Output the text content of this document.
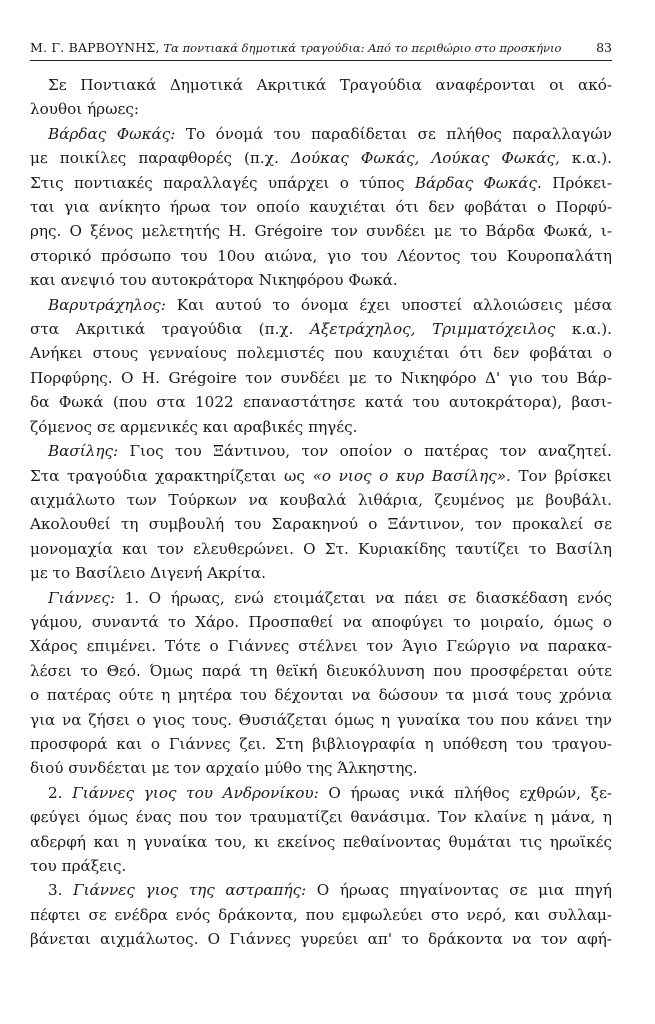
Μ. Γ. ΒΑΡΒΟΥΝΗΣ, Τα ποντιακά δημοτικά τραγούδια: Από το περιθώριο στο προσκήνιο	83
Σε Ποντιακά Δημοτικά Ακριτικά Τραγούδια αναφέρονται οι ακό-
λουθοι ήρωες:
Βάρδας Φωκάς: Το όνομά του παραδίδεται σε πλήθος παραλλαγών
με ποικίλες παραφθορές (π.χ. Δούκας Φωκάς, Λούκας Φωκάς, κ.α.).
Στις ποντιακές παραλλαγές υπάρχει ο τύπος Βάρδας Φωκάς. Πρόκει-
ται για ανίκητο ήρωα τον οποίο καυχιέται ότι δεν φοβάται ο Πορφύ-
ρης. Ο ξένος μελετητής Η. Grégoire τον συνδέει με το Βάρδα Φωκά, ι-
στορικό πρόσωπο του 10ου αιώνα, γιο του Λέοντος του Κουροπαλάτη
και ανεψιό του αυτοκράτορα Νικηφόρου Φωκά.
Βαρυτράχηλος: Και αυτού το όνομα έχει υποστεί αλλοιώσεις μέσα
στα Ακριτικά τραγούδια (π.χ. Αξετράχηλος, Τριμματόχειλος κ.α.).
Ανήκει στους γενναίους πολεμιστές που καυχιέται ότι δεν φοβάται ο
Πορφύρης. Ο Η. Grégoire τον συνδέει με το Νικηφόρο Δ' γιο του Βάρ-
δα Φωκά (που στα 1022 επαναστάτησε κατά του αυτοκράτορα), βασι-
ζόμενος σε αρμενικές και αραβικές πηγές.
Βασίλης: Γιος του Ξάντινου, τον οποίον ο πατέρας τον αναζητεί.
Στα τραγούδια χαρακτηρίζεται ως «ο νιος ο κυρ Βασίλης». Τον βρίσκει
αιχμάλωτο των Τούρκων να κουβαλά λιθάρια, ζευμένος με βουβάλι.
Ακολουθεί τη συμβουλή του Σαρακηνού ο Ξάντινον, τον προκαλεί σε
μονομαχία και τον ελευθερώνει. Ο Στ. Κυριακίδης ταυτίζει το Βασίλη
με το Βασίλειο Διγενή Ακρίτα.
Γιάννες: 1. Ο ήρωας, ενώ ετοιμάζεται να πάει σε διασκέδαση ενός
γάμου, συναντά το Χάρο. Προσπαθεί να αποφύγει το μοιραίο, όμως ο
Χάρος επιμένει. Τότε ο Γιάννες στέλνει τον Άγιο Γεώργιο να παρακα-
λέσει το Θεό. Όμως παρά τη θεϊκή διευκόλυνση που προσφέρεται ούτε
ο πατέρας ούτε η μητέρα του δέχονται να δώσουν τα μισά τους χρόνια
για να ζήσει ο γιος τους. Θυσιάζεται όμως η γυναίκα του που κάνει την
προσφορά και ο Γιάννες ζει. Στη βιβλιογραφία η υπόθεση του τραγου-
διού συνδέεται με τον αρχαίο μύθο της Άλκηστης.
2. Γιάννες γιος του Ανδρονίκου: Ο ήρωας νικά πλήθος εχθρών, ξε-
φεύγει όμως ένας που τον τραυματίζει θανάσιμα. Τον κλαίνε η μάνα, η
αδερφή και η γυναίκα του, κι εκείνος πεθαίνοντας θυμάται τις ηρωϊκές
του πράξεις.
3. Γιάννες γιος της αστραπής: Ο ήρωας πηγαίνοντας σε μια πηγή
πέφτει σε ενέδρα ενός δράκοντα, που εμφωλεύει στο νερό, και συλλαμ-
βάνεται αιχμάλωτος. Ο Γιάννες γυρεύει απ' το δράκοντα να τον αφή-
